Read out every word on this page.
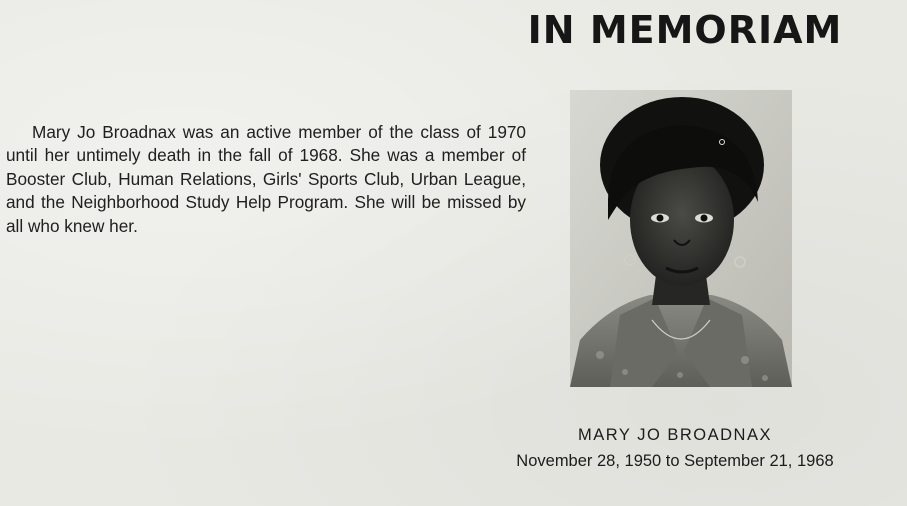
IN MEMORIAM

Mary Jo Broadnax was an active member of the class of 1970 until her untimely death in the fall of 1968. She was a member of Booster Club, Human Relations, Girls' Sports Club, Urban League, and the Neighborhood Study Help Program. She will be missed by all who knew her.

MARY JO BROADNAX
November 28, 1950 to September 21, 1968
